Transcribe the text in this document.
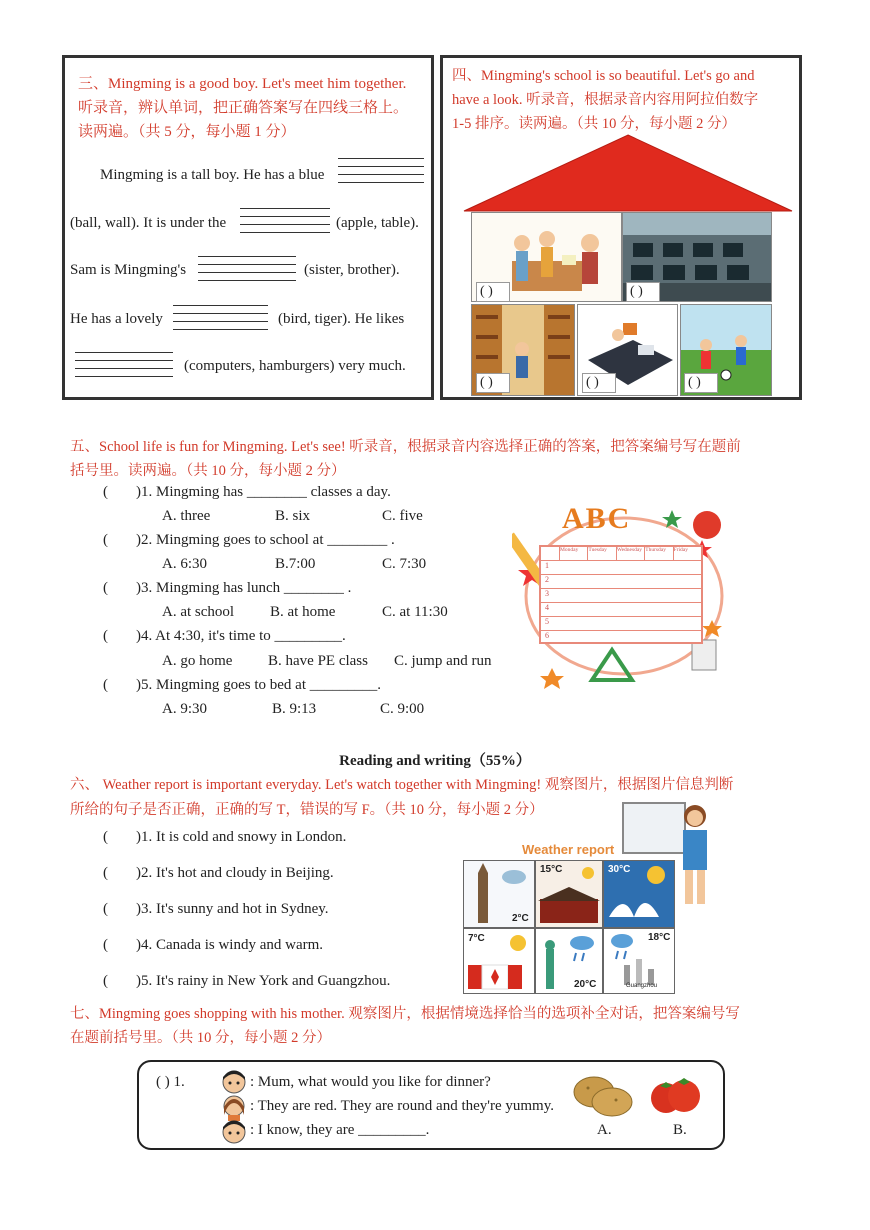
三、Mingming is a good boy. Let's meet him together.
听录音，辨认单词，把正确答案写在四线三格上。
读两遍。（共 5 分，每小题 1 分）
Mingming is a tall boy. He has a blue
(ball, wall). It is under the	(apple, table).
Sam is Mingming's	(sister, brother).
He has a lovely	(bird, tiger). He likes
(computers, hamburgers) very much.
四、Mingming's school is so beautiful. Let's go and
have a look. 听录音，根据录音内容用阿拉伯数字
1-5 排序。读两遍。（共 10 分，每小题 2 分）
( )	( )
( )	( )	( )
五、School life is fun for Mingming. Let's see! 听录音，根据录音内容选择正确的答案，把答案编号写在题前
括号里。读两遍。（共 10 分，每小题 2 分）
( )1. Mingming has ________ classes a day.
A. three	B. six	C. five
( )2. Mingming goes to school at ________ .
A. 6:30	B.7:00	C. 7:30
( )3. Mingming has lunch ________ .
A. at school B. at home	C. at 11:30
( )4. At 4:30, it's time to _________.
A. go home B. have PE class C. jump and run
( )5. Mingming goes to bed at _________.
A. 9:30	B. 9:13	C. 9:00
ABC
Monday	Tuesday	Wednesday Thursday	Friday
1
2
3
4
5
6
Reading and writing（55%）
六、 Weather report is important everyday. Let's watch together with Mingming! 观察图片，根据图片信息判断
所给的句子是否正确，正确的写 T，错误的写 F。（共 10 分，每小题 2 分）
( )1. It is cold and snowy in London.
( )2. It's hot and cloudy in Beijing.
( )3. It's sunny and hot in Sydney.
( )4. Canada is windy and warm.
( )5. It's rainy in New York and Guangzhou.
Weather report
2°C
15°C	30°C
7°C
20°C
18°C
Guangzhou
七、Mingming goes shopping with his mother. 观察图片，根据情境选择恰当的选项补全对话，把答案编号写
在题前括号里。（共 10 分，每小题 2 分）
( ) 1.	: Mum, what would you like for dinner?
: They are red. They are round and they're yummy.
: I know, they are _________.	A.	B.
